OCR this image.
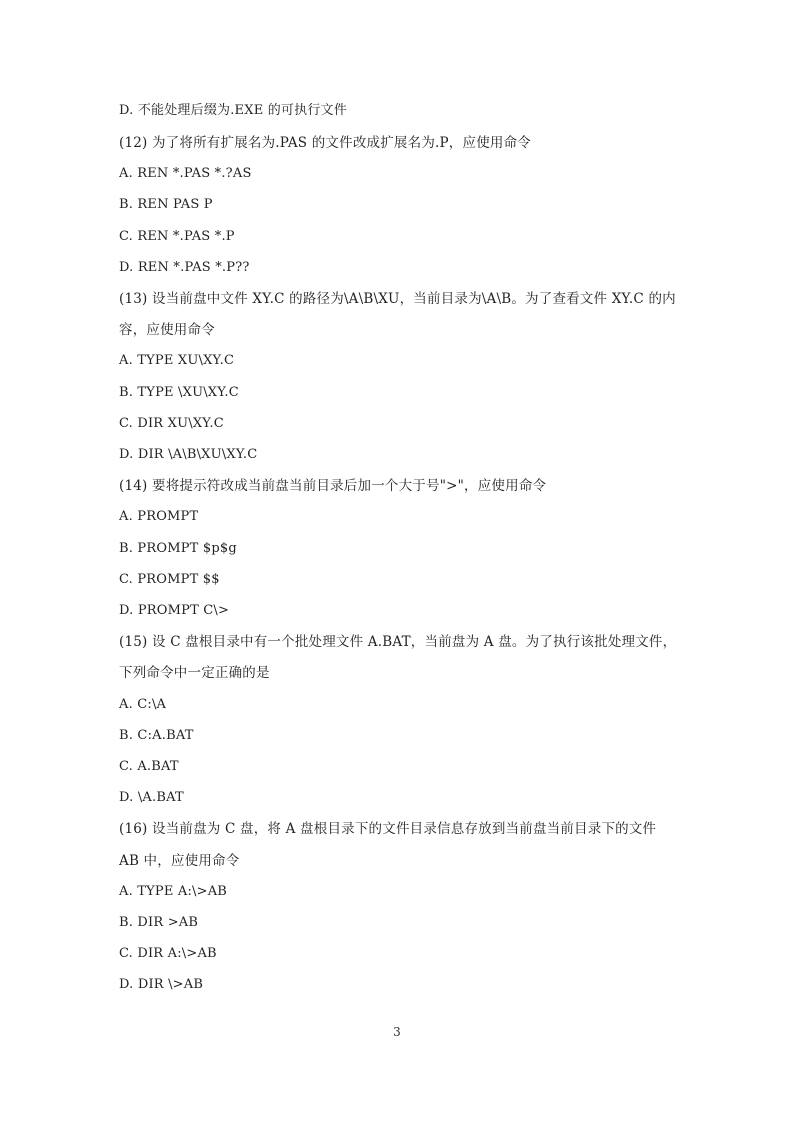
D. 不能处理后缀为.EXE 的可执行文件
(12) 为了将所有扩展名为.PAS 的文件改成扩展名为.P，应使用命令
A. REN *.PAS *.?AS
B. REN PAS P
C. REN *.PAS *.P
D. REN *.PAS *.P??
(13) 设当前盘中文件 XY.C 的路径为\A\B\XU，当前目录为\A\B。为了查看文件 XY.C 的内
容，应使用命令
A. TYPE XU\XY.C
B. TYPE \XU\XY.C
C. DIR XU\XY.C
D. DIR \A\B\XU\XY.C
(14) 要将提示符改成当前盘当前目录后加一个大于号">"，应使用命令
A. PROMPT
B. PROMPT $p$g
C. PROMPT $$
D. PROMPT C\>
(15) 设 C 盘根目录中有一个批处理文件 A.BAT，当前盘为 A 盘。为了执行该批处理文件，
下列命令中一定正确的是
A. C:\A
B. C:A.BAT
C. A.BAT
D. \A.BAT
(16) 设当前盘为 C 盘，将 A 盘根目录下的文件目录信息存放到当前盘当前目录下的文件
AB 中，应使用命令
A. TYPE A:\>AB
B. DIR >AB
C. DIR A:\>AB
D. DIR \>AB
3
